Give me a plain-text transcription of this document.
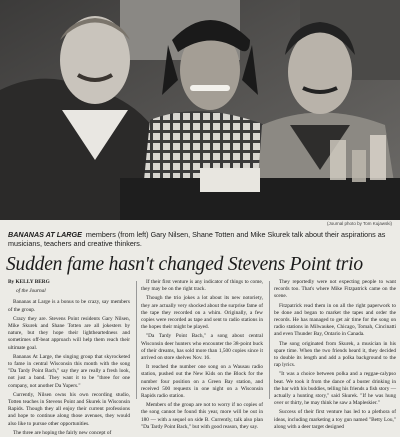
(Journal photo by Tom Kujawski)
BANANAS AT LARGE members (from left) Gary Nilsen, Shane Totten and Mike Skurek talk about their aspirations as musicians, teachers and creative thinkers.
Sudden fame hasn't changed Stevens Point trio

By KELLY BERG

of the Journal

Bananas at Large is a bonus to be crazy, say members of the group.

Crazy they are. Stevens Point residents Gary Nilsen, Mike Skurek and Shane Totten are all jokesters by nature, but they hope their lightheartedness and sometimes off-beat approach will help them reach their ultimate goal.

Bananas At Large, the singing group that skyrocketed to fame in central Wisconsin this month with the song "Da Tardy Point Bach," say they are really a fresh look, not just a band. They want it to be "three for one company, not another Da Yupers."

Currently, Nilsen owns his own recording studio, Totten teaches in Stevens Point and Skurek in Wisconsin Rapids. Though they all enjoy their current professions and hope to continue along those avenues, they would also like to pursue other opportunities.

The three are hoping the fairly new concept of

If their first venture is any indicator of things to come, they may be on the right track.

Though the trio jokes a lot about its new notoriety, they are actually very shocked about the surprise fame of the tape they recorded on a whim. Originally, a few copies were recorded as tape and sent to radio stations in the hopes their might be played.

"Da Tardy Point Bach," a song about central Wisconsin deer hunters who encounter the 38-point buck of their dreams, has sold more than 1,500 copies since it arrived on store shelves Nov. 16.

It reached the number one song on a Wausau radio station, pushed out the New Kids on the Block for the number four position on a Green Bay station, and received 500 requests in one night on a Wisconsin Rapids radio station.

Members of the group are not to worry if no copies of the song cannot be found this year, more will be out in 180 — with a sequel on side B. Currently, talk also plan "Da Tardy Point Back," but with good reason, they say.

They reportedly were not expecting people to want records too. That's where Mike Fitzpatrick came on the scene.

Fitzpatrick read them in on all the right paperwork to be done and began to market the tapes and order the records. He has managed to get air time for the song on radio stations in Milwaukee, Chicago, Tomah, Cincinatti and even Thunder Bay, Ontario in Canada.

The song originated from Skurek, a musician in his spare time. When the two friends heard it, they decided to double its length and add a polka background to the rap lyrics.

"It was a choice between polka and a reggae-calypso beat. We took it from the dance of a buster drinking in the bar with his buddies, telling his friends a fish story — actually a hunting story," said Skurek. "If he was hung over or thirty, he may think he saw a Mapleskier."

Success of their first venture has led to a plethora of ideas, including marketing a toy gun named "Betty Lou," along with a deer target designed
